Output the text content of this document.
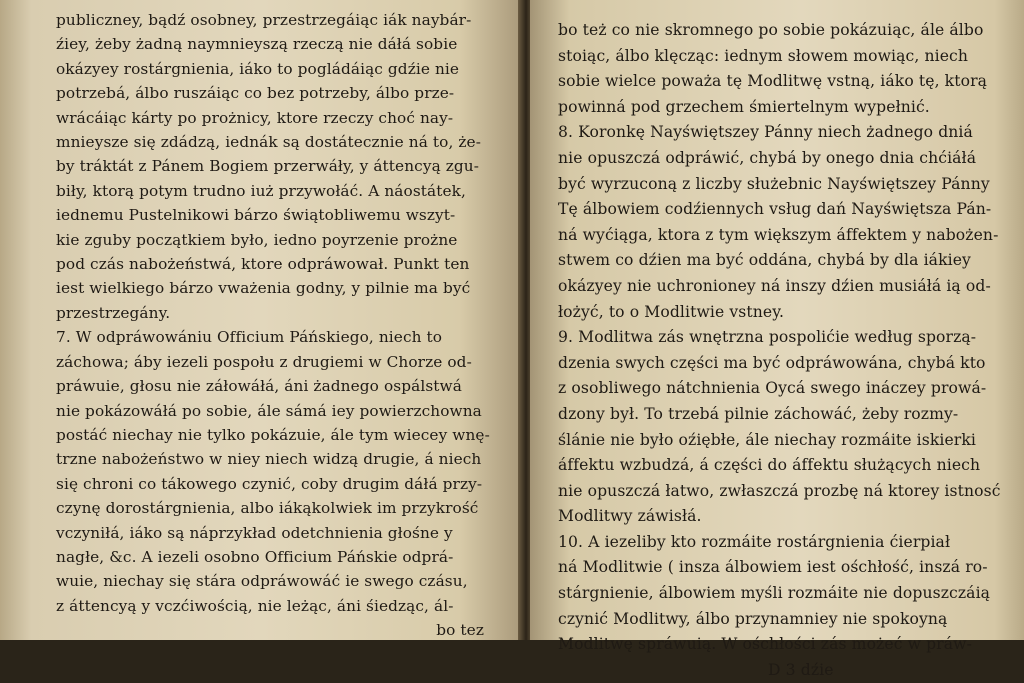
publiczney, bądź osobney, przestrzegáiąc iák naybár-
źiey, żeby żadną naymnieyszą rzeczą nie dáłá sobie
okázyey rostárgnienia, iáko to pogládáiąc gdźie nie
potrzebá, álbo ruszáiąc co bez potrzeby, álbo prze-
wrácáiąc kárty po prożnicy, ktore rzeczy choć nay-
mnieysze się zdádzą, iednák są dostátecznie ná to, że-
by tráktát z Pánem Bogiem przerwáły, y áttencyą zgu-
biły, ktorą potym trudno iuż przywołáć. A náostátek,
iednemu Pustelnikowi bárzo świątobliwemu wszyt-
kie zguby początkiem było, iedno poyrzenie prożne
pod czás nabożeństwá, ktore odpráwował. Punkt ten
iest wielkiego bárzo vważenia godny, y pilnie ma być
przestrzegány.
7. W odpráwowániu Officium Páńskiego, niech to
záchowa; áby iezeli pospołu z drugiemi w Chorze od-
práwuie, głosu nie záłowáłá, áni żadnego ospálstwá
nie pokázowáłá po sobie, ále sámá iey powierzchowna
postáć niechay nie tylko pokázuie, ále tym wiecey wnę-
trzne nabożeństwo w niey niech widzą drugie, á niech
się chroni co tákowego czynić, coby drugim dáłá przy-
czynę dorostárgnienia, albo iákąkolwiek im przykrość
vczyniłá, iáko są náprzykład odetchnienia głośne y
nagłe, &c. A iezeli osobno Officium Páńskie odprá-
wuie, niechay się stára odpráwowáć ie swego czásu,
z áttencyą y vczćiwością, nie leżąc, áni śiedząc, ál-
bo tez
bo też co nie skromnego po sobie pokázuiąc, ále álbo
stoiąc, álbo klęcząc: iednym słowem mowiąc, niech
sobie wielce poważa tę Modlitwę vstną, iáko tę, ktorą
powinná pod grzechem śmiertelnym wypełnić.
8. Koronkę Nayświętszey Pánny niech żadnego dniá
nie opuszczá odpráwić, chybá by onego dnia chćiáłá
być wyrzuconą z liczby służebnic Nayświętszey Pánny
Tę álbowiem codźiennych vsług dań Nayświętsza Pán-
ná wyćiąga, ktora z tym większym áffektem y nabożen-
stwem co dźien ma być oddána, chybá by dla iákiey
okázyey nie uchronioney ná inszy dźien musiáłá ią od-
łożyć, to o Modlitwie vstney.
9. Modlitwa zás wnętrzna pospolićie według sporzą-
dzenia swych części ma być odpráwowána, chybá kto
z osobliwego nátchnienia Oycá swego ináczey prowá-
dzony był. To trzebá pilnie záchowáć, żeby rozmy-
ślánie nie było oźiębłe, ále niechay rozmáite iskierki
áffektu wzbudzá, á części do áffektu służących niech
nie opuszczá łatwo, zwłaszczá prozbę ná ktorey istnosć
Modlitwy záwisłá.
10. A iezeliby kto rozmáite rostárgnienia ćierpiał
ná Modlitwie ( insza álbowiem iest ośchłość, inszá ro-
stárgnienie, álbowiem myśli rozmáite nie dopuszczáią
czynić Modlitwy, álbo przynamniey nie spokoyną
Modlitwę spráwuią. W ośchłości zás możeć w práw-
D 3 dźie
